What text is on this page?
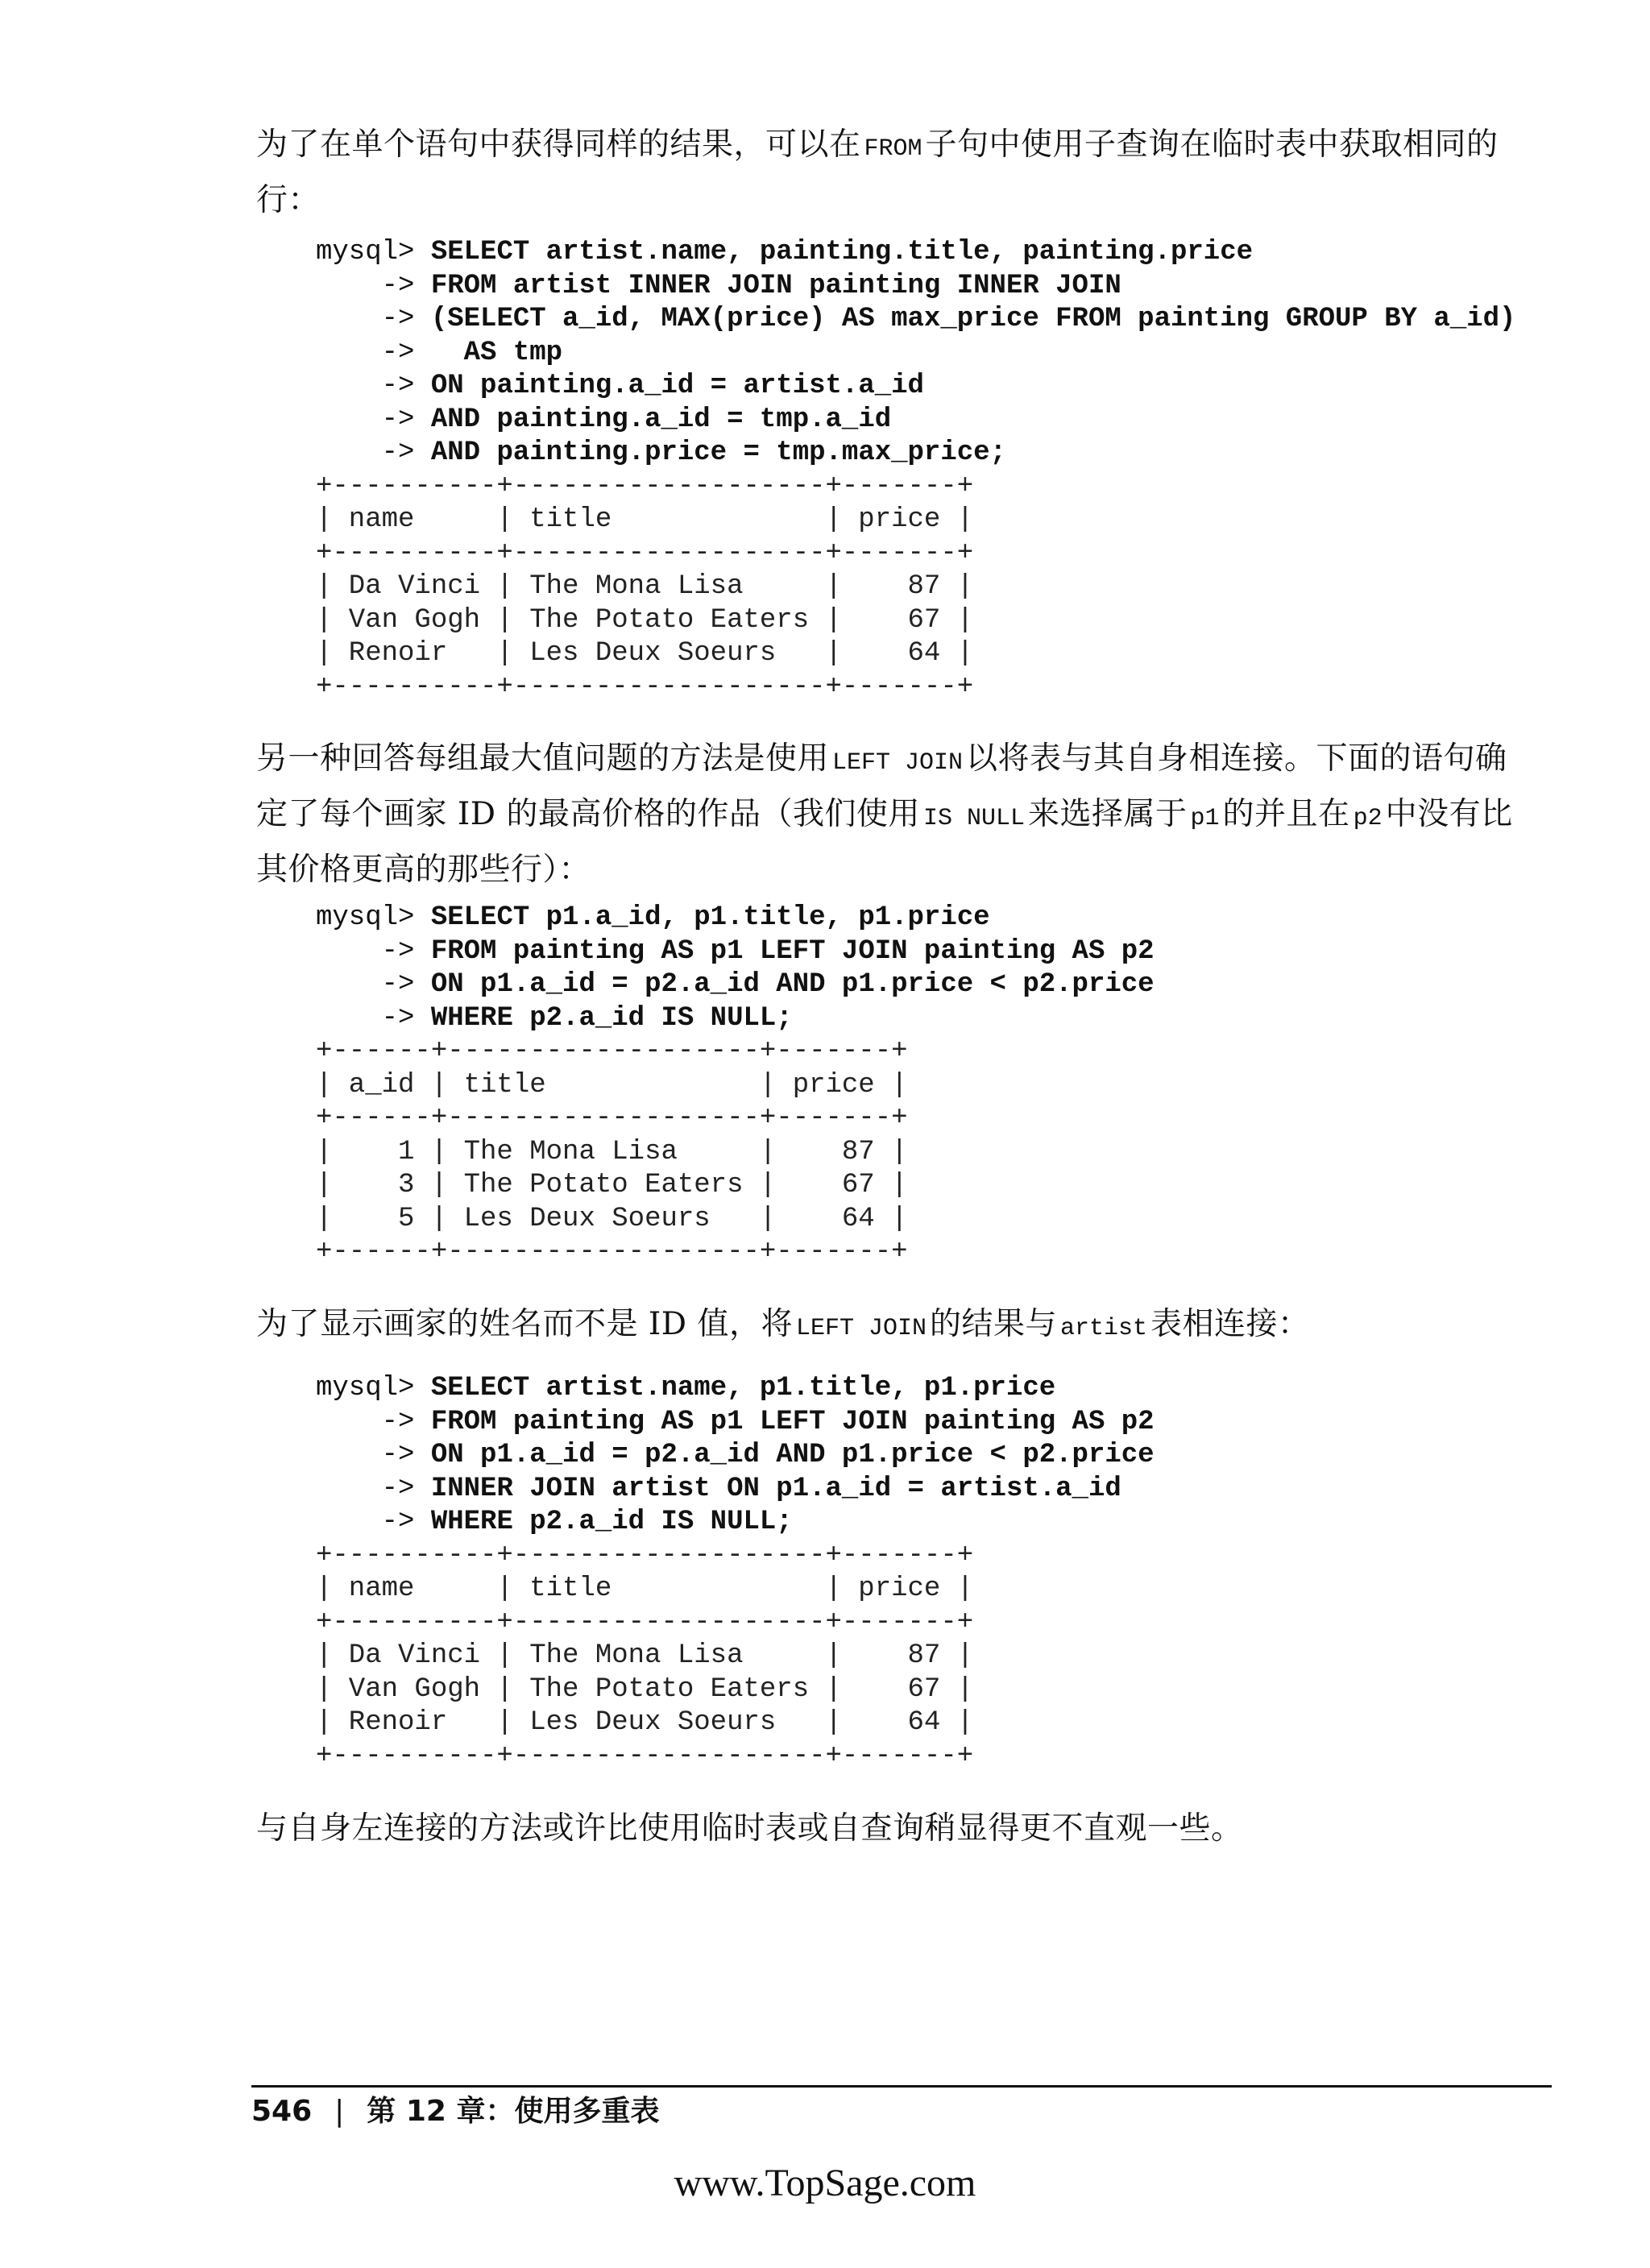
为了在单个语句中获得同样的结果，可以在 FROM 子句中使用子查询在临时表中获取相同的行：
mysql> SELECT artist.name, painting.title, painting.price
-> FROM artist INNER JOIN painting INNER JOIN
-> (SELECT a_id, MAX(price) AS max_price FROM painting GROUP BY a_id)
->   AS tmp
-> ON painting.a_id = artist.a_id
-> AND painting.a_id = tmp.a_id
-> AND painting.price = tmp.max_price;
+----------+-------------------+-------+
| name     | title             | price |
+----------+-------------------+-------+
| Da Vinci | The Mona Lisa     |    87 |
| Van Gogh | The Potato Eaters |    67 |
| Renoir   | Les Deux Soeurs   |    64 |
+----------+-------------------+-------+
另一种回答每组最大值问题的方法是使用 LEFT JOIN 以将表与其自身相连接。下面的语句确定了每个画家 ID 的最高价格的作品（我们使用 IS NULL 来选择属于 p1 的并且在 p2 中没有比其价格更高的那些行）：
mysql> SELECT p1.a_id, p1.title, p1.price
-> FROM painting AS p1 LEFT JOIN painting AS p2
-> ON p1.a_id = p2.a_id AND p1.price < p2.price
-> WHERE p2.a_id IS NULL;
+------+-------------------+-------+
| a_id | title             | price |
+------+-------------------+-------+
|    1 | The Mona Lisa     |    87 |
|    3 | The Potato Eaters |    67 |
|    5 | Les Deux Soeurs   |    64 |
+------+-------------------+-------+
为了显示画家的姓名而不是 ID 值，将 LEFT JOIN 的结果与 artist 表相连接：
mysql> SELECT artist.name, p1.title, p1.price
-> FROM painting AS p1 LEFT JOIN painting AS p2
-> ON p1.a_id = p2.a_id AND p1.price < p2.price
-> INNER JOIN artist ON p1.a_id = artist.a_id
-> WHERE p2.a_id IS NULL;
+----------+-------------------+-------+
| name     | title             | price |
+----------+-------------------+-------+
| Da Vinci | The Mona Lisa     |    87 |
| Van Gogh | The Potato Eaters |    67 |
| Renoir   | Les Deux Soeurs   |    64 |
+----------+-------------------+-------+
与自身左连接的方法或许比使用临时表或自查询稍显得更不直观一些。
546 | 第 12 章：使用多重表
www.TopSage.com
